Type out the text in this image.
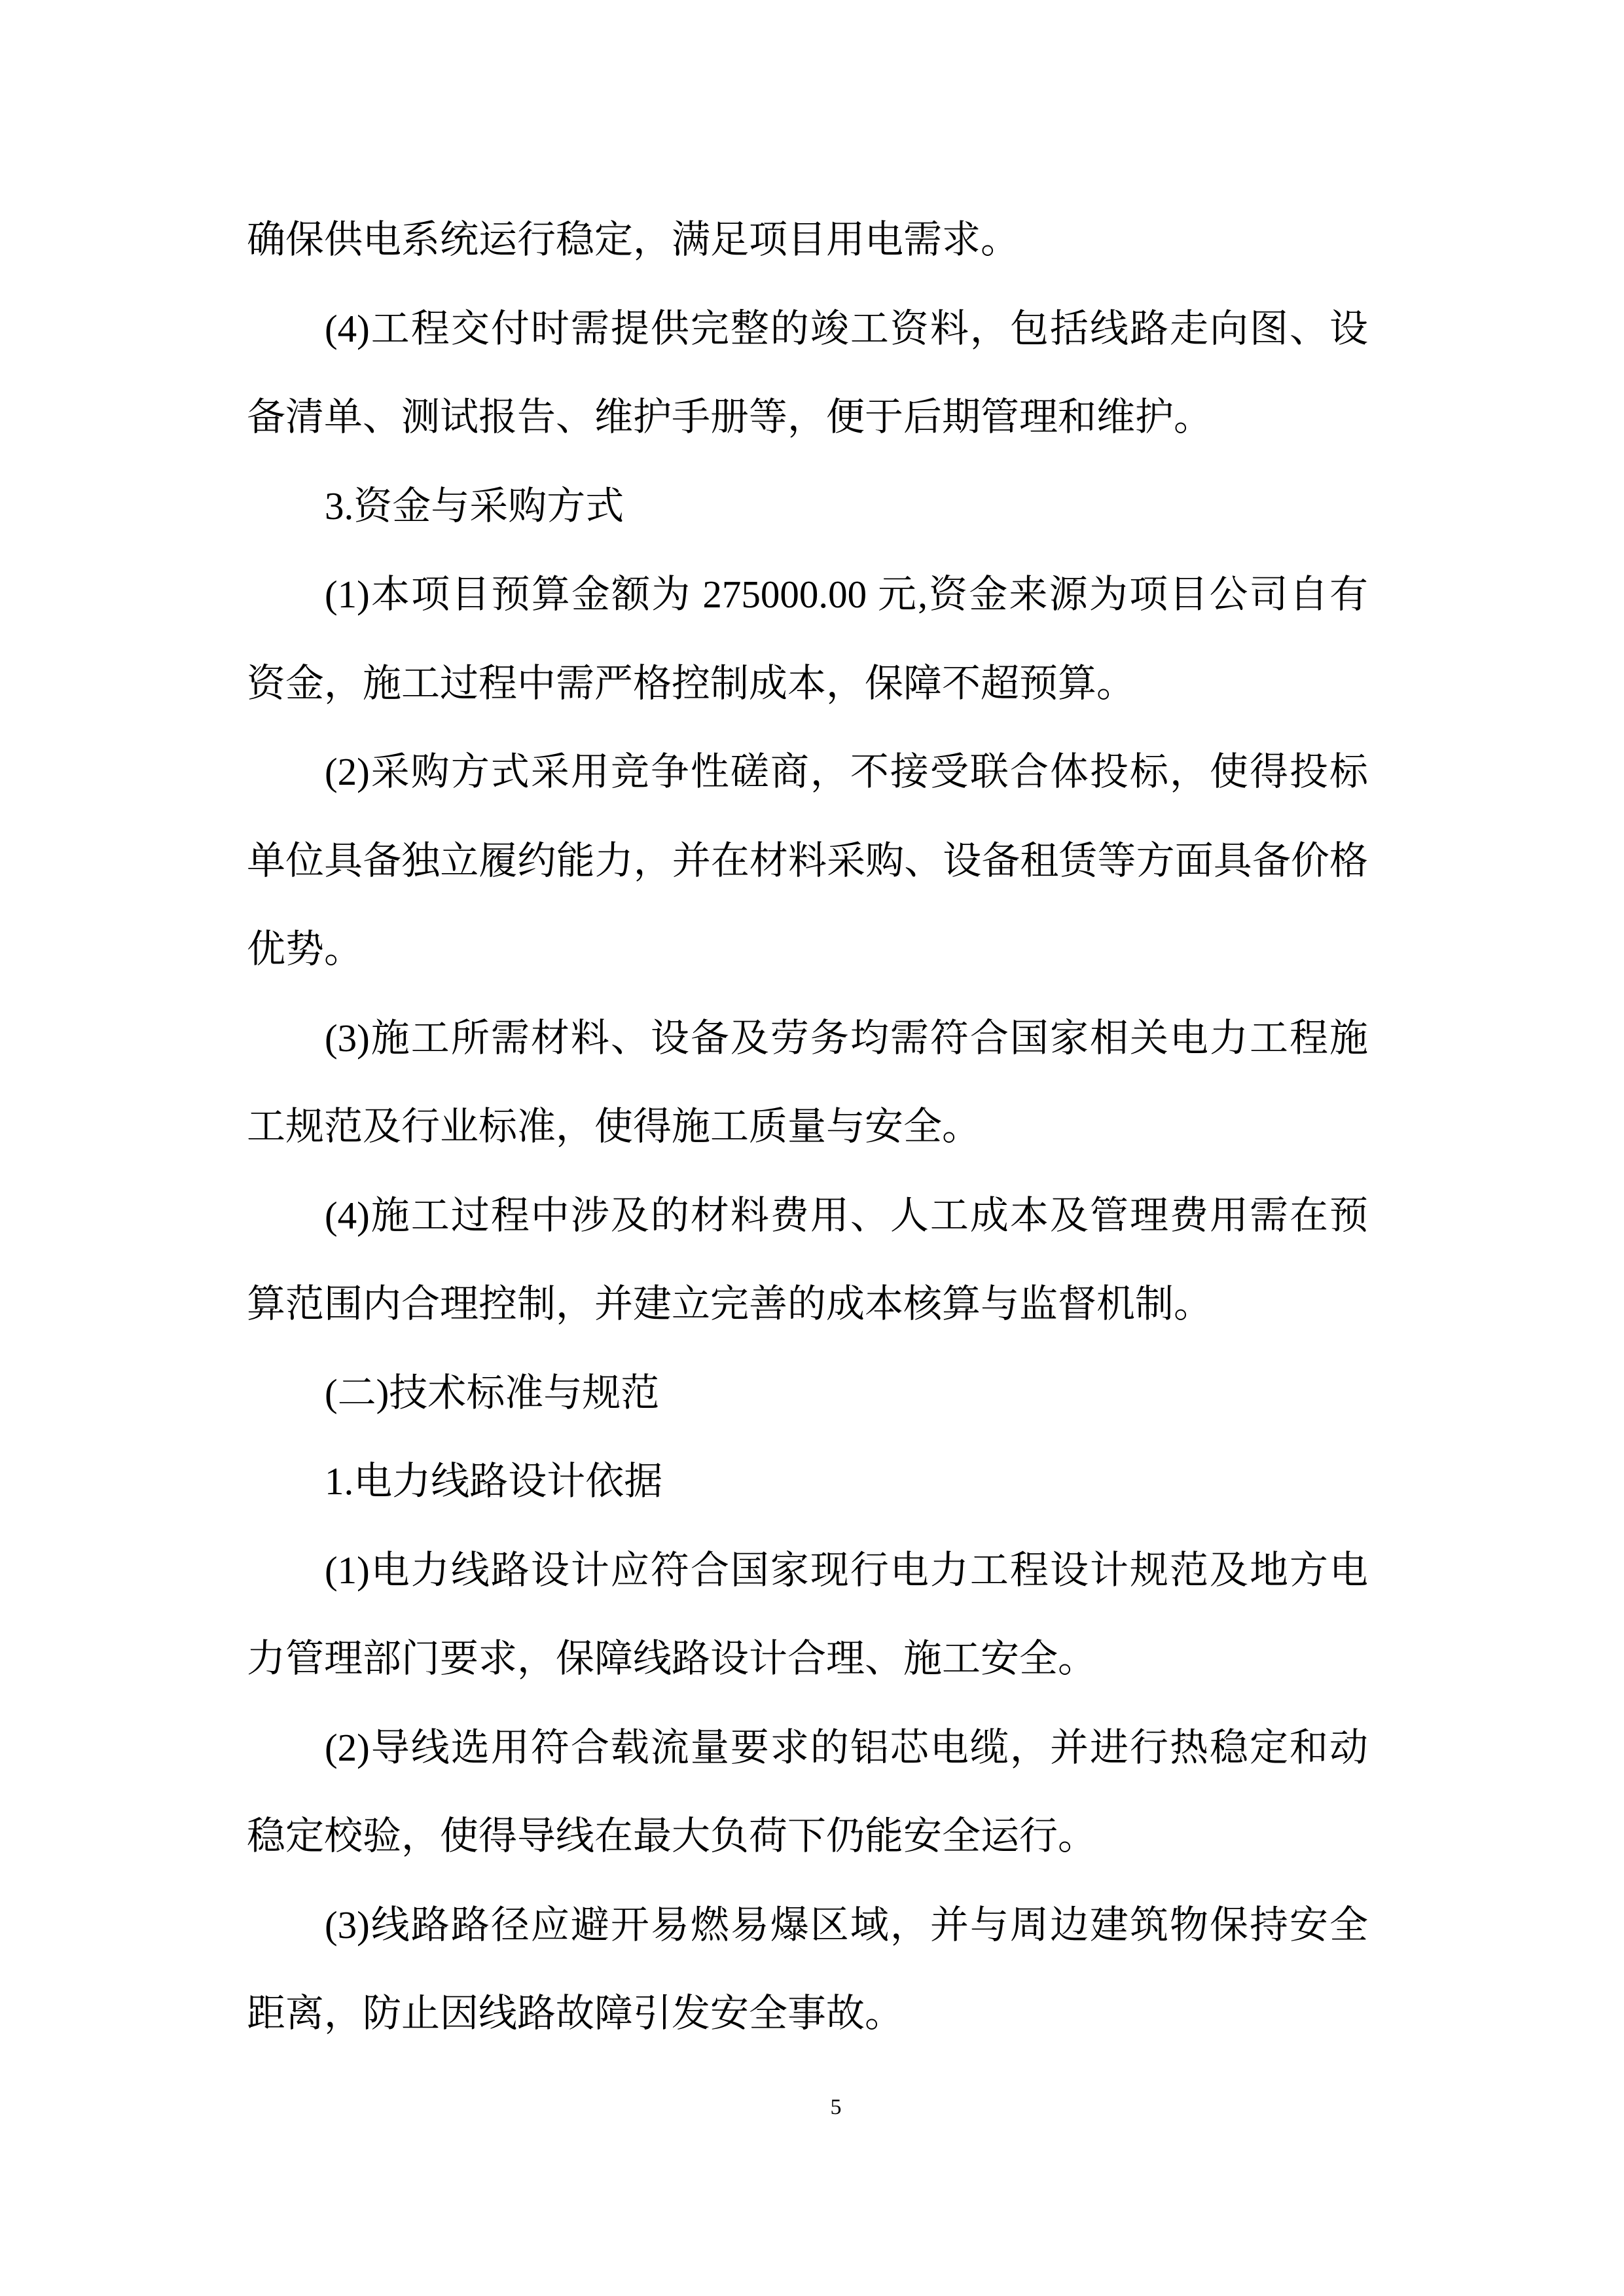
确保供电系统运行稳定，满足项目用电需求。
(4)工程交付时需提供完整的竣工资料，包括线路走向图、设
备清单、测试报告、维护手册等，便于后期管理和维护。
3.资金与采购方式
(1)本项目预算金额为 275000.00 元,资金来源为项目公司自有
资金，施工过程中需严格控制成本，保障不超预算。
(2)采购方式采用竞争性磋商，不接受联合体投标，使得投标
单位具备独立履约能力，并在材料采购、设备租赁等方面具备价格
优势。
(3)施工所需材料、设备及劳务均需符合国家相关电力工程施
工规范及行业标准，使得施工质量与安全。
(4)施工过程中涉及的材料费用、人工成本及管理费用需在预
算范围内合理控制，并建立完善的成本核算与监督机制。
(二)技术标准与规范
1.电力线路设计依据
(1)电力线路设计应符合国家现行电力工程设计规范及地方电
力管理部门要求，保障线路设计合理、施工安全。
(2)导线选用符合载流量要求的铝芯电缆，并进行热稳定和动
稳定校验，使得导线在最大负荷下仍能安全运行。
(3)线路路径应避开易燃易爆区域，并与周边建筑物保持安全
距离，防止因线路故障引发安全事故。
5
